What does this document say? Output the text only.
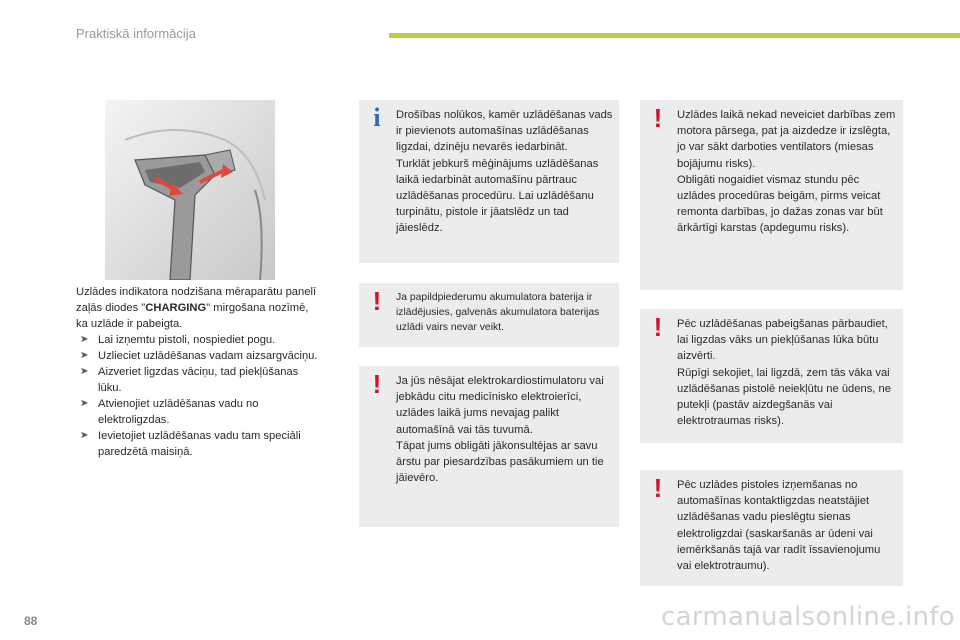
Praktiskā informācija

Uzlādes indikatora nodzišana mēraparātu panelī zaļās diodes "CHARGING" mirgošana nozīmē, ka uzlāde ir pabeigta.

➤ Lai izņemtu pistoli, nospiediet pogu.
➤ Uzlieciet uzlādēšanas vadam aizsargvāciņu.
➤ Aizveriet ligzdas vāciņu, tad piekļūšanas lūku.
➤ Atvienojiet uzlādēšanas vadu no elektroligzdas.
➤ Ievietojiet uzlādēšanas vadu tam speciāli paredzētā maisiņā.
i	Drošības nolūkos, kamēr uzlādēšanas vads ir pievienots automašīnas uzlādēšanas ligzdai, dzinēju nevarēs iedarbināt.
Turklāt jebkurš mēģinājums uzlādēšanas laikā iedarbināt automašīnu pārtrauc uzlādēšanas procedūru. Lai uzlādēšanu turpinātu, pistole ir jāatslēdz un tad jāieslēdz.
!	Ja papildpiederumu akumulatora baterija ir izlādējusies, galvenās akumulatora baterijas uzlādi vairs nevar veikt.
!	Ja jūs nēsājat elektrokardiostimulatoru vai jebkādu citu medicīnisko elektroierīci, uzlādes laikā jums nevajag palikt automašīnā vai tās tuvumā.
Tāpat jums obligāti jākonsultējas ar savu ārstu par piesardzības pasākumiem un tie jāievēro.
!	Uzlādes laikā nekad neveiciet darbības zem motora pārsega, pat ja aizdedze ir izslēgta, jo var sākt darboties ventilators (miesas bojājumu risks).
Obligāti nogaidiet vismaz stundu pēc uzlādes procedūras beigām, pirms veicat remonta darbības, jo dažas zonas var būt ārkārtīgi karstas (apdegumu risks).
!	Pēc uzlādēšanas pabeigšanas pārbaudiet, lai ligzdas vāks un piekļūšanas lūka būtu aizvērti.
Rūpīgi sekojiet, lai ligzdā, zem tās vāka vai uzlādēšanas pistolē neiekļūtu ne ūdens, ne putekļi (pastāv aizdegšanās vai elektrotraumas risks).
!	Pēc uzlādes pistoles izņemšanas no automašīnas kontaktligzdas neatstājiet uzlādēšanas vadu pieslēgtu sienas elektroligzdai (saskaršanās ar ūdeni vai iemērkšanās tajā var radīt īssavienojumu vai elektrotraumu).
88	carmanualsonline.info
